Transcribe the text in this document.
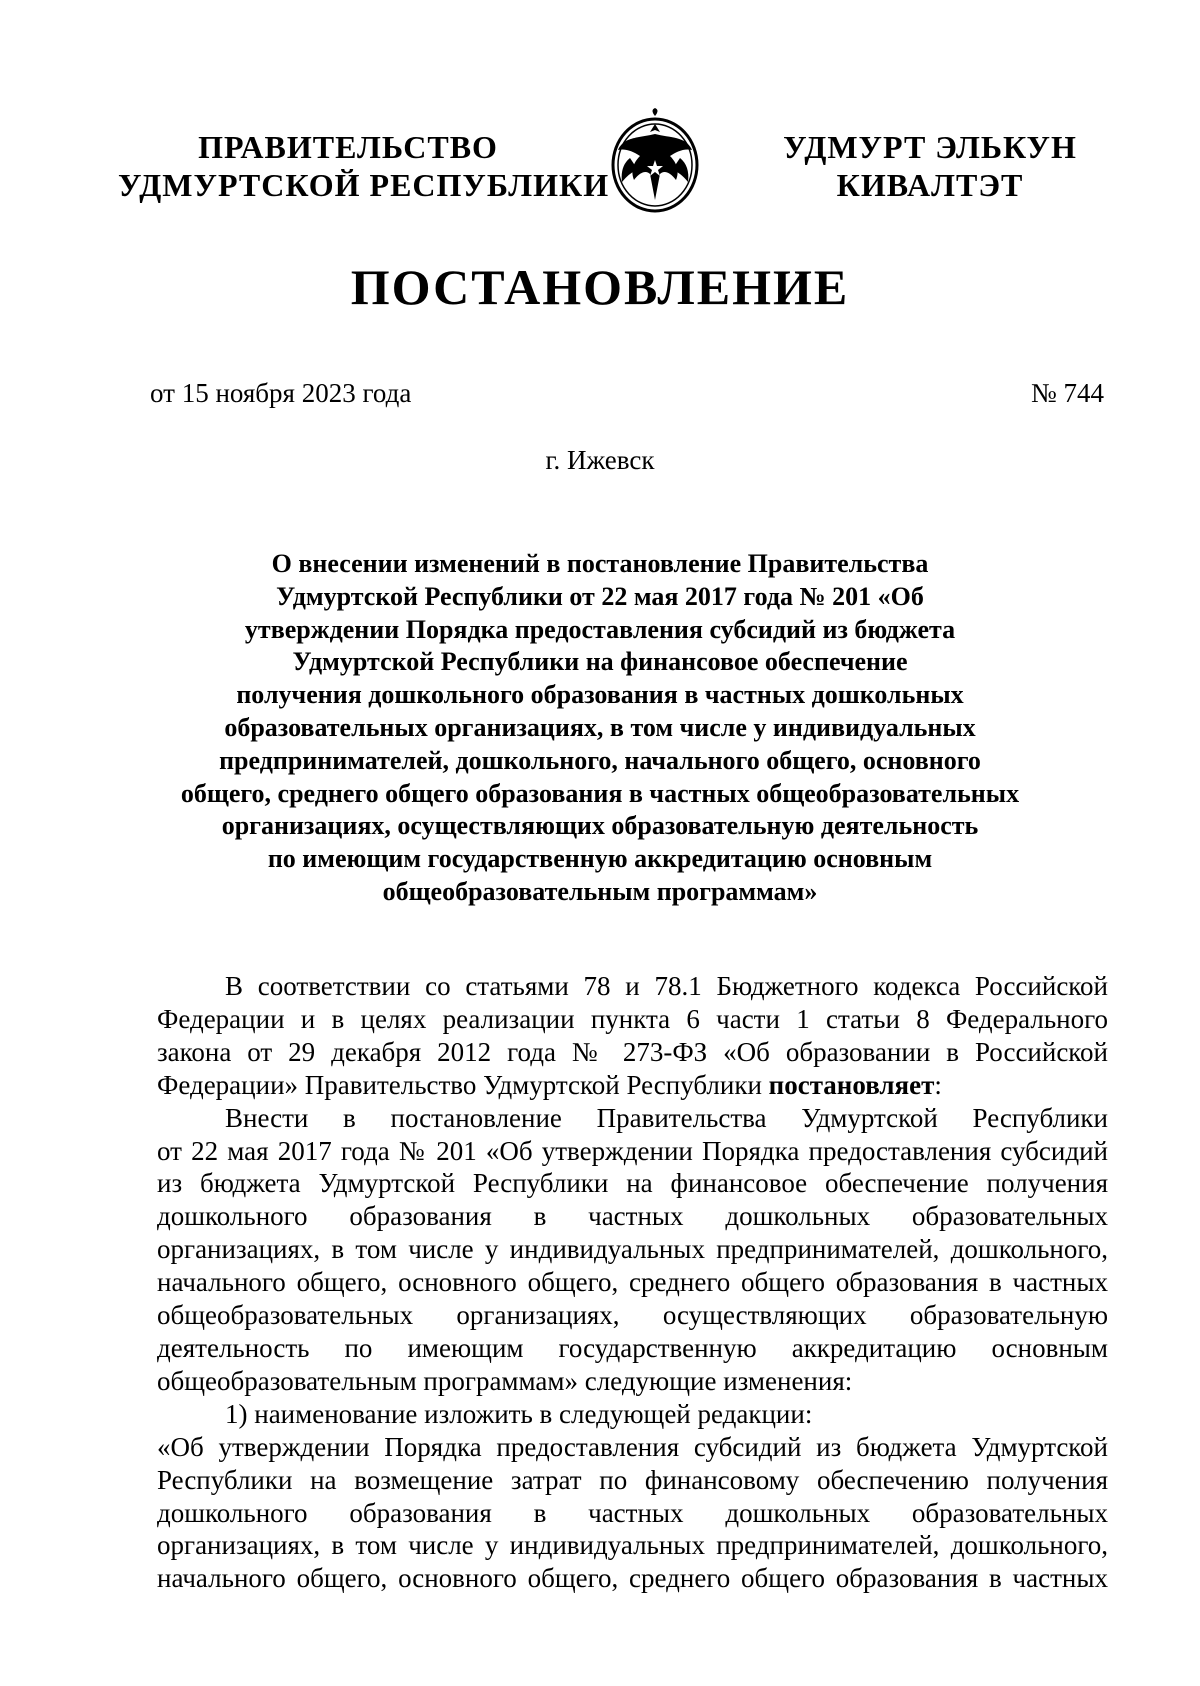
ПРАВИТЕЛЬСТВО
УДМУРТСКОЙ РЕСПУБЛИКИ
УДМУРТ ЭЛЬКУН
КИВАЛТЭТ
ПОСТАНОВЛЕНИЕ
от 15 ноября 2023 года	№ 744
г. Ижевск
О внесении изменений в постановление Правительства
Удмуртской Республики от 22 мая 2017 года № 201 «Об
утверждении Порядка предоставления субсидий из бюджета
Удмуртской Республики на финансовое обеспечение
получения дошкольного образования в частных дошкольных
образовательных организациях, в том числе у индивидуальных
предпринимателей, дошкольного, начального общего, основного
общего, среднего общего образования в частных общеобразовательных
организациях, осуществляющих образовательную деятельность
по имеющим государственную аккредитацию основным
общеобразовательным программам»
В соответствии со статьями 78 и 78.1 Бюджетного кодекса Российской
Федерации и в целях реализации пункта 6 части 1 статьи 8 Федерального
закона от 29 декабря 2012 года № 273-ФЗ «Об образовании в Российской
Федерации» Правительство Удмуртской Республики постановляет :
Внести в постановление Правительства Удмуртской Республики
от 22 мая 2017 года № 201 «Об утверждении Порядка предоставления субсидий
из бюджета Удмуртской Республики на финансовое обеспечение получения
дошкольного образования в частных дошкольных образовательных
организациях, в том числе у индивидуальных предпринимателей, дошкольного,
начального общего, основного общего, среднего общего образования в частных
общеобразовательных организациях, осуществляющих образовательную
деятельность по имеющим государственную аккредитацию основным
общеобразовательным программам» следующие изменения:
1) наименование изложить в следующей редакции:
«Об утверждении Порядка предоставления субсидий из бюджета Удмуртской
Республики на возмещение затрат по финансовому обеспечению получения
дошкольного образования в частных дошкольных образовательных
организациях, в том числе у индивидуальных предпринимателей, дошкольного,
начального общего, основного общего, среднего общего образования в частных
